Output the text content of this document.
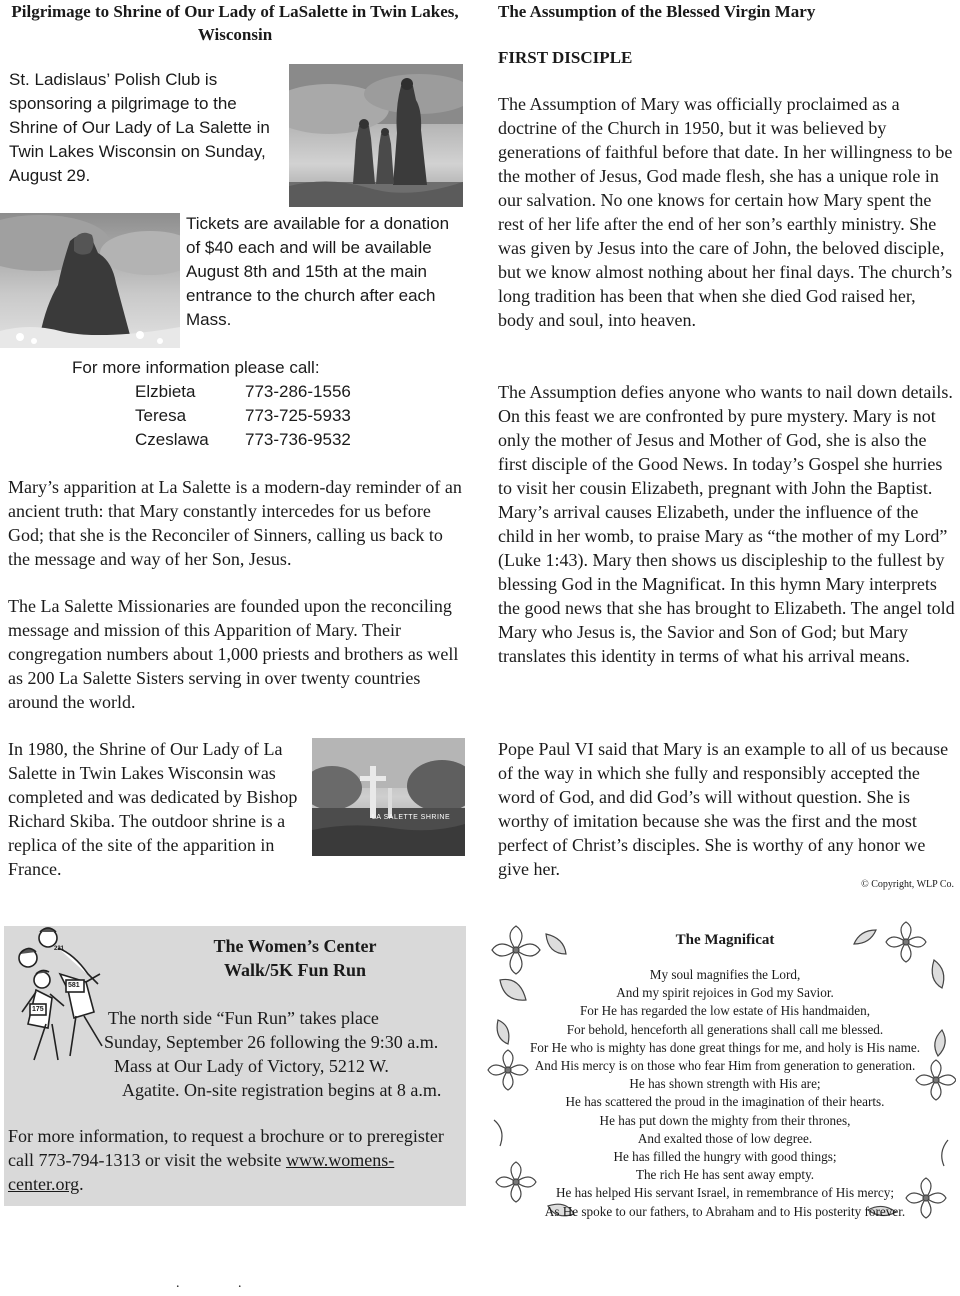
Pilgrimage to Shrine of Our Lady of LaSalette in Twin Lakes, Wisconsin
St. Ladislaus’ Polish Club is sponsoring a pilgrimage to the Shrine of Our Lady of La Salette in Twin Lakes Wisconsin on Sunday, August 29.
Tickets are available for a donation of $40 each and will be available August 8th and 15th at the main entrance to the church after each Mass.
For more information please call:
Elzbieta	773-286-1556
Teresa	773-725-5933
Czeslawa	773-736-9532

Mary’s apparition at La Salette is a modern-day reminder of an ancient truth: that Mary constantly intercedes for us before God; that she is the Reconciler of Sinners, calling us back to the message and way of her Son, Jesus.

The La Salette Missionaries are founded upon the reconciling message and mission of this Apparition of Mary. Their congregation numbers about 1,000 priests and brothers as well as 200 La Salette Sisters serving in over twenty countries around the world.

In 1980, the Shrine of Our Lady of La Salette in Twin Lakes Wisconsin was completed and was dedicated by Bishop Richard Skiba. The outdoor shrine is a replica of the site of the apparition in France.

LA SALETTE SHRINE
The Assumption of the Blessed Virgin Mary
FIRST DISCIPLE

The Assumption of Mary was officially proclaimed as a doctrine of the Church in 1950, but it was believed by generations of faithful before that date. In her willingness to be the mother of Jesus, God made flesh, she has a unique role in our salvation. No one knows for certain how Mary spent the rest of her life after the end of her son’s earthly ministry. She was given by Jesus into the care of John, the beloved disciple, but we know almost nothing about her final days. The church’s long tradition has been that when she died God raised her, body and soul, into heaven.

The Assumption defies anyone who wants to nail down details. On this feast we are confronted by pure mystery. Mary is not only the mother of Jesus and Mother of God, she is also the first disciple of the Good News. In today’s Gospel she hurries to visit her cousin Elizabeth, pregnant with John the Baptist. Mary’s arrival causes Elizabeth, under the influence of the child in her womb, to praise Mary as “the mother of my Lord” (Luke 1:43). Mary then shows us discipleship to the fullest by blessing God in the Magnificat. In this hymn Mary interprets the good news that she has brought to Elizabeth. The angel told Mary who Jesus is, the Savior and Son of God; but Mary translates this identity in terms of what his arrival means.

Pope Paul VI said that Mary is an example to all of us because of the way in which she fully and responsibly accepted the word of God, and did God’s will without question. She is worthy of imitation because she was the first and the most perfect of Christ’s disciples. She is worthy of any honor we give her.

© Copyright, WLP Co.
581
175
221	The Women’s Center
Walk/5K Fun Run
The north side “Fun Run” takes place
Sunday, September 26 following the 9:30 a.m.
Mass at Our Lady of Victory, 5212 W.
Agatite. On-site registration begins at 8 a.m.

For more information, to request a brochure or to preregister call 773-794-1313 or visit the website www.womens-center.org.

The Magnificat
My soul magnifies the Lord,
And my spirit rejoices in God my Savior.
For He has regarded the low estate of His handmaiden,
For behold, henceforth all generations shall call me blessed.
For He who is mighty has done great things for me, and holy is His name.
And His mercy is on those who fear Him from generation to generation.
He has shown strength with His are;
He has scattered the proud in the imagination of their hearts.
He has put down the mighty from their thrones,
And exalted those of low degree.
He has filled the hungry with good things;
The rich He has sent away empty.
He has helped His servant Israel, in remembrance of His mercy;
As He spoke to our fathers, to Abraham and to His posterity forever.
.	.
